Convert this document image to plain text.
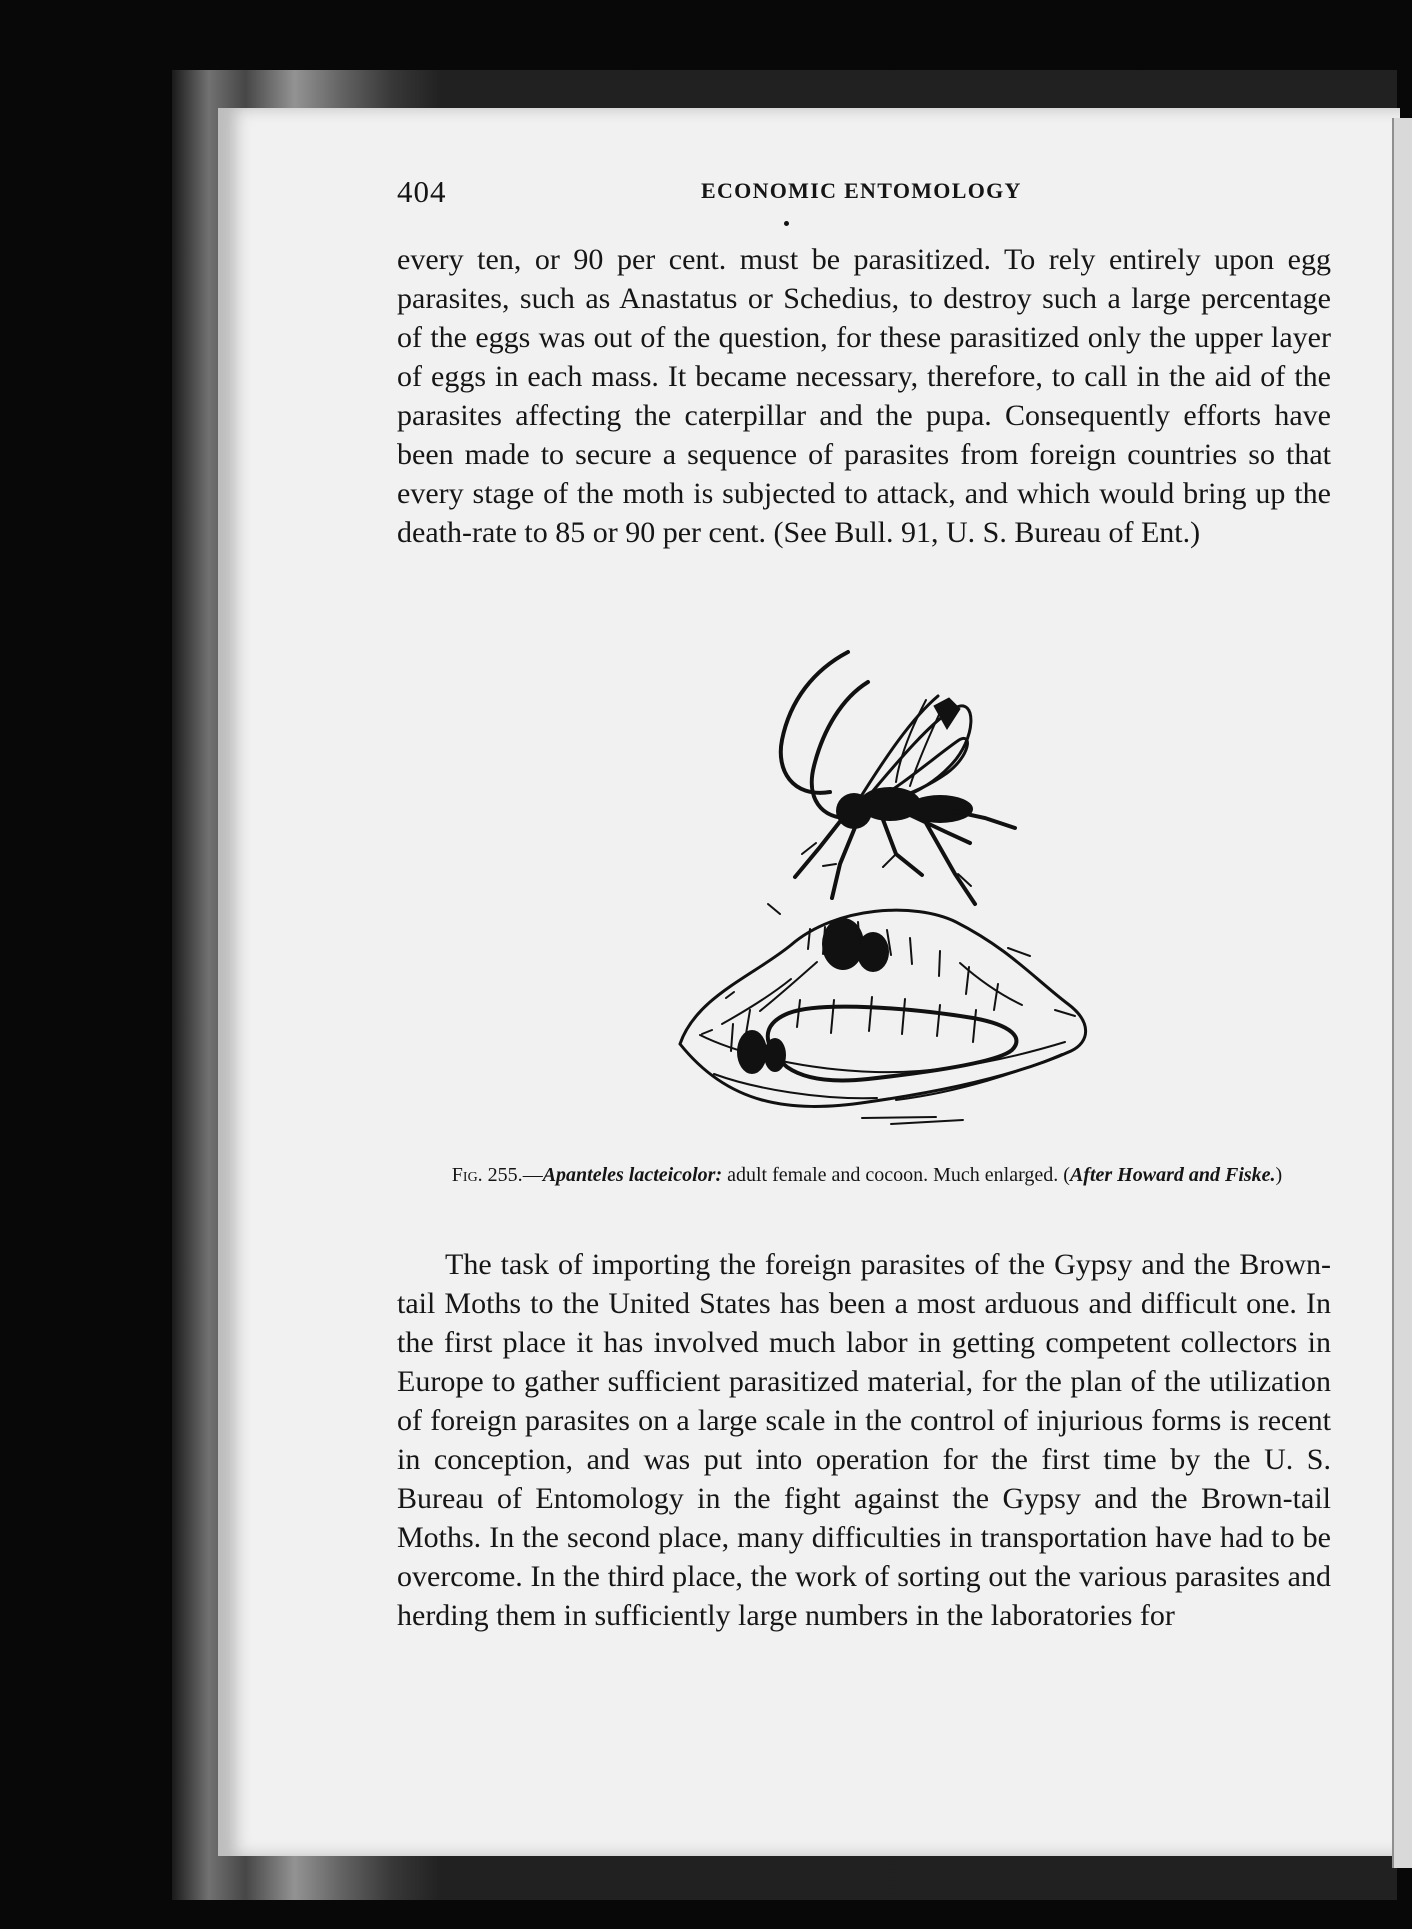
404	ECONOMIC ENTOMOLOGY

every ten, or 90 per cent. must be parasitized. To rely entirely upon egg parasites, such as Anastatus or Schedius, to destroy such a large percentage of the eggs was out of the question, for these parasitized only the upper layer of eggs in each mass. It became necessary, therefore, to call in the aid of the parasites affecting the caterpillar and the pupa. Consequently efforts have been made to secure a sequence of parasites from foreign countries so that every stage of the moth is subjected to attack, and which would bring up the death-rate to 85 or 90 per cent. (See Bull. 91, U. S. Bureau of Ent.)

Fig. 255.—Apanteles lacteicolor: adult female and cocoon. Much enlarged. (After Howard and Fiske.)

The task of importing the foreign parasites of the Gypsy and the Brown-tail Moths to the United States has been a most arduous and difficult one. In the first place it has involved much labor in getting competent collectors in Europe to gather sufficient parasitized material, for the plan of the utilization of foreign parasites on a large scale in the control of injurious forms is recent in conception, and was put into operation for the first time by the U. S. Bureau of Entomology in the fight against the Gypsy and the Brown-tail Moths. In the second place, many difficulties in transportation have had to be overcome. In the third place, the work of sorting out the various parasites and herding them in sufficiently large numbers in the laboratories for
